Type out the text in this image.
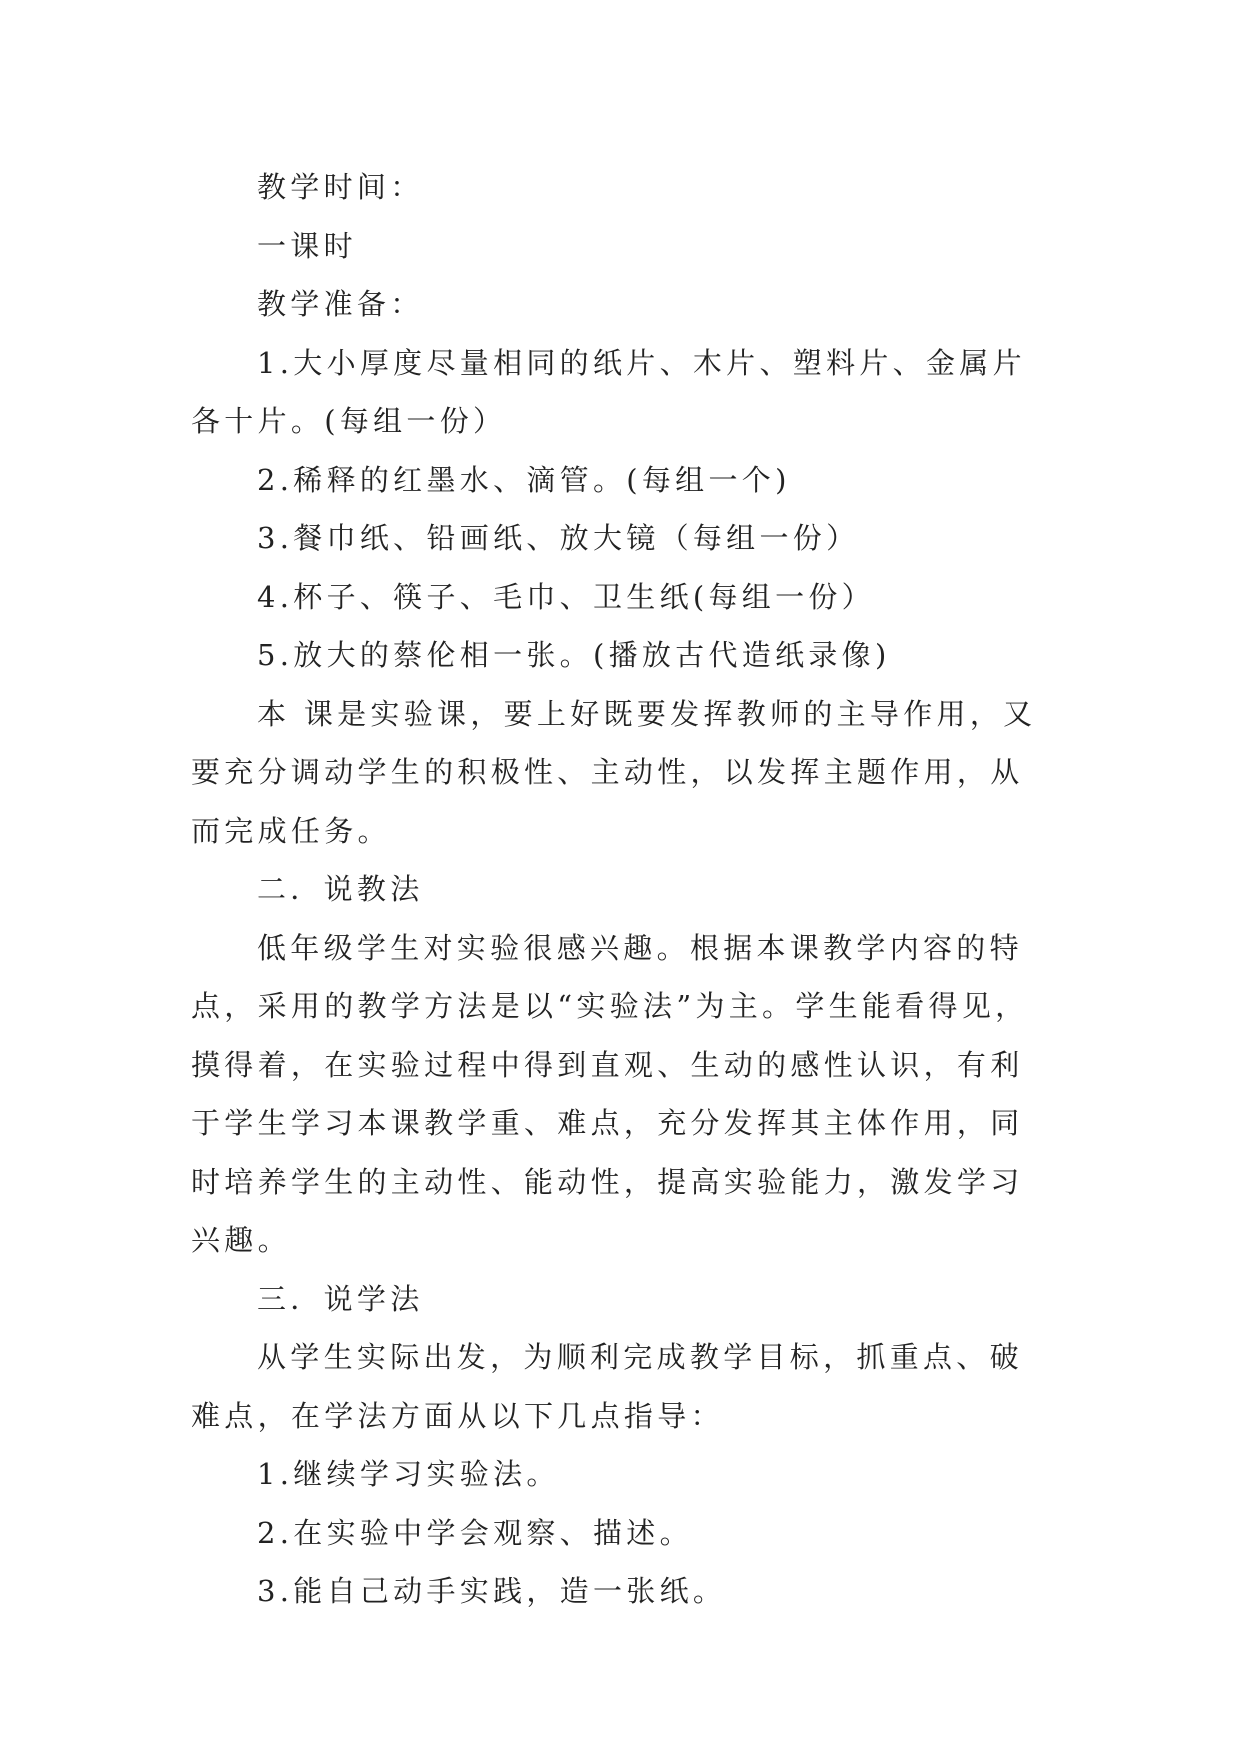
教学时间：

一课时

教学准备：

1.大小厚度尽量相同的纸片、木片、塑料片、金属片各十片。(每组一份）

2.稀释的红墨水、滴管。(每组一个)

3.餐巾纸、铅画纸、放大镜（每组一份）

4.杯子、筷子、毛巾、卫生纸(每组一份）

5.放大的蔡伦相一张。(播放古代造纸录像)

本 课是实验课，要上好既要发挥教师的主导作用，又要充分调动学生的积极性、主动性，以发挥主题作用，从而完成任务。

二．说教法

低年级学生对实验很感兴趣。根据本课教学内容的特点，采用的教学方法是以“实验法”为主。学生能看得见，摸得着，在实验过程中得到直观、生动的感性认识，有利于学生学习本课教学重、难点，充分发挥其主体作用，同时培养学生的主动性、能动性，提高实验能力，激发学习兴趣。

三．说学法

从学生实际出发，为顺利完成教学目标，抓重点、破难点，在学法方面从以下几点指导：

1.继续学习实验法。

2.在实验中学会观察、描述。

3.能自己动手实践，造一张纸。
